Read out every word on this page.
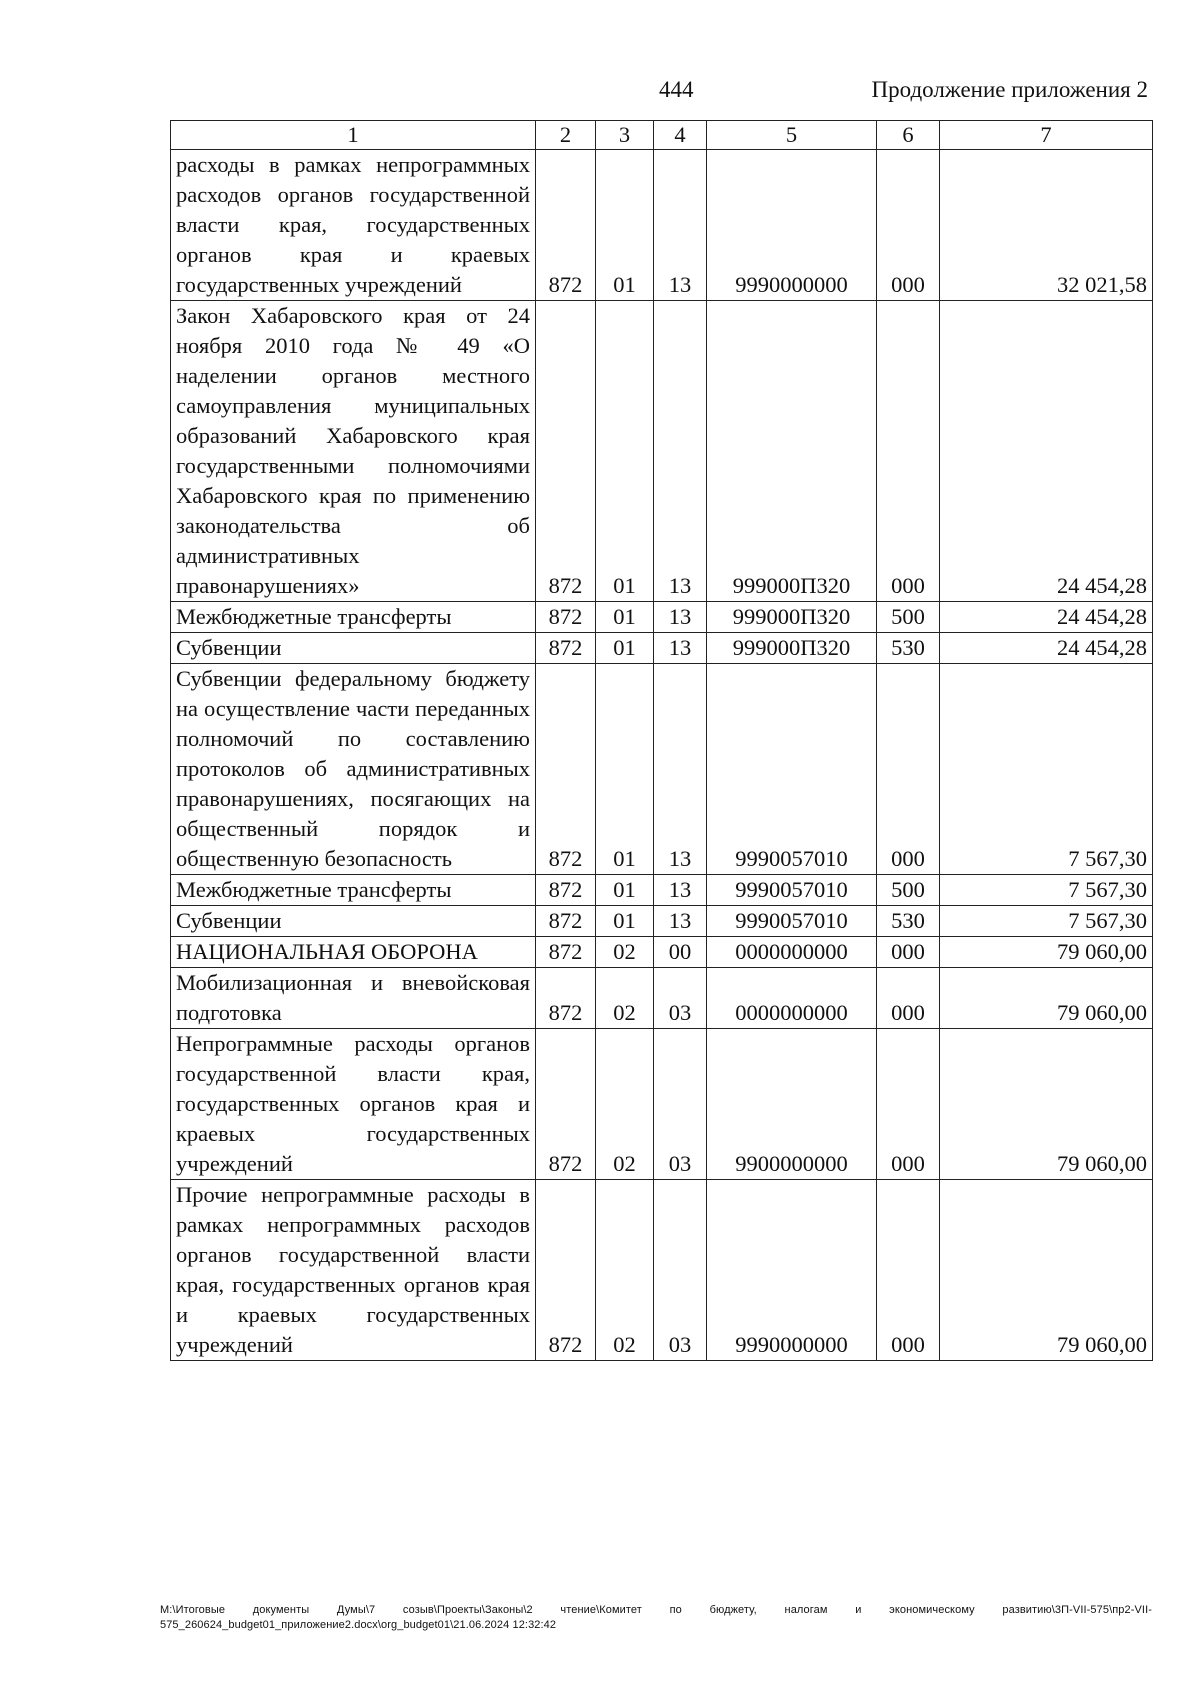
444	Продолжение приложения 2
1	2	3	4	5	6	7
расходы в рамках непрограммных расходов органов государственной власти края, государственных органов края и краевых государственных учреждений	872	01	13	9990000000	000	32 021,58
Закон Хабаровского края от 24 ноября 2010 года № 49 «О наделении органов местного самоуправления муниципальных образований Хабаровского края государственными полномочиями Хабаровского края по применению законодательства об административных правонарушениях»	872	01	13	999000П320	000	24 454,28
Межбюджетные трансферты	872	01	13	999000П320	500	24 454,28
Субвенции	872	01	13	999000П320	530	24 454,28
Субвенции федеральному бюджету на осуществление части переданных полномочий по составлению протоколов об административных правонарушениях, посягающих на общественный порядок и общественную безопасность	872	01	13	9990057010	000	7 567,30
Межбюджетные трансферты	872	01	13	9990057010	500	7 567,30
Субвенции	872	01	13	9990057010	530	7 567,30
НАЦИОНАЛЬНАЯ ОБОРОНА	872	02	00	0000000000	000	79 060,00
Мобилизационная и вневойсковая подготовка	872	02	03	0000000000	000	79 060,00
Непрограммные расходы органов государственной власти края, государственных органов края и краевых государственных учреждений	872	02	03	9900000000	000	79 060,00
Прочие непрограммные расходы в рамках непрограммных расходов органов государственной власти края, государственных органов края и краевых государственных учреждений	872	02	03	9990000000	000	79 060,00
M:\Итоговые документы Думы\7 созыв\Проекты\Законы\2 чтение\Комитет по бюджету, налогам и экономическому развитию\3П-VII-575\пр2-VII-575_260624_budget01_приложение2.docx\org_budget01\21.06.2024 12:32:42
